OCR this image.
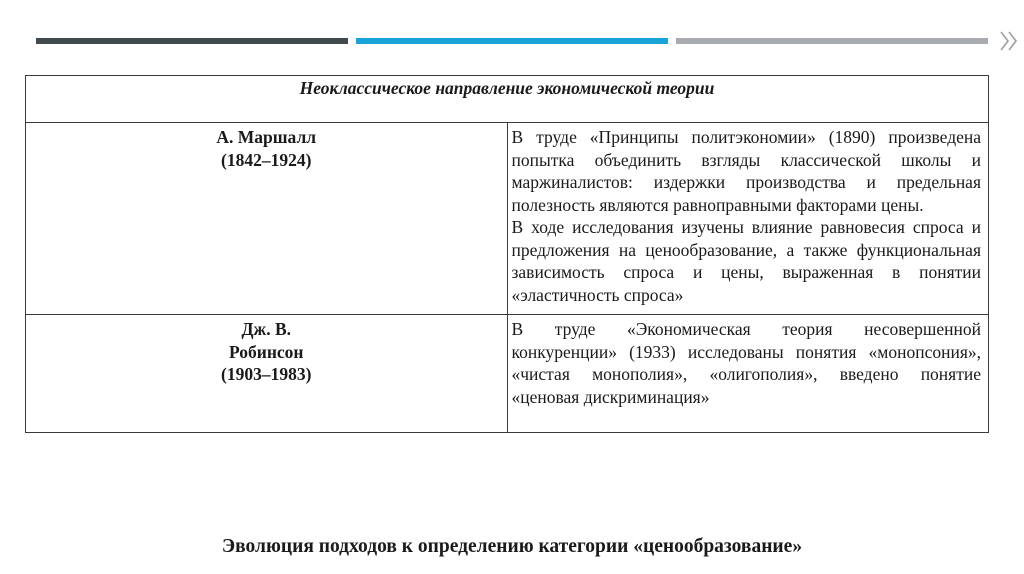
Неоклассическое направление экономической теории	

А. Маршалл
(1842–1924)	В труде «Принципы политэкономии» (1890) произведена попытка объединить взгляды классической школы и маржиналистов: издержки производства и предельная полезность являются равноправными факторами цены.
В ходе исследования изучены влияние равновесия спроса и предложения на ценообразование, а также функциональная зависимость спроса и цены, выраженная в понятии «эластичность спроса»

Дж. В.
Робинсон
(1903–1983)	В труде «Экономическая теория несовершенной конкуренции» (1933) исследованы понятия «монопсония», «чистая монополия», «олигополия», введено понятие «ценовая дискриминация»
Эволюция подходов к определению категории «ценообразование»
